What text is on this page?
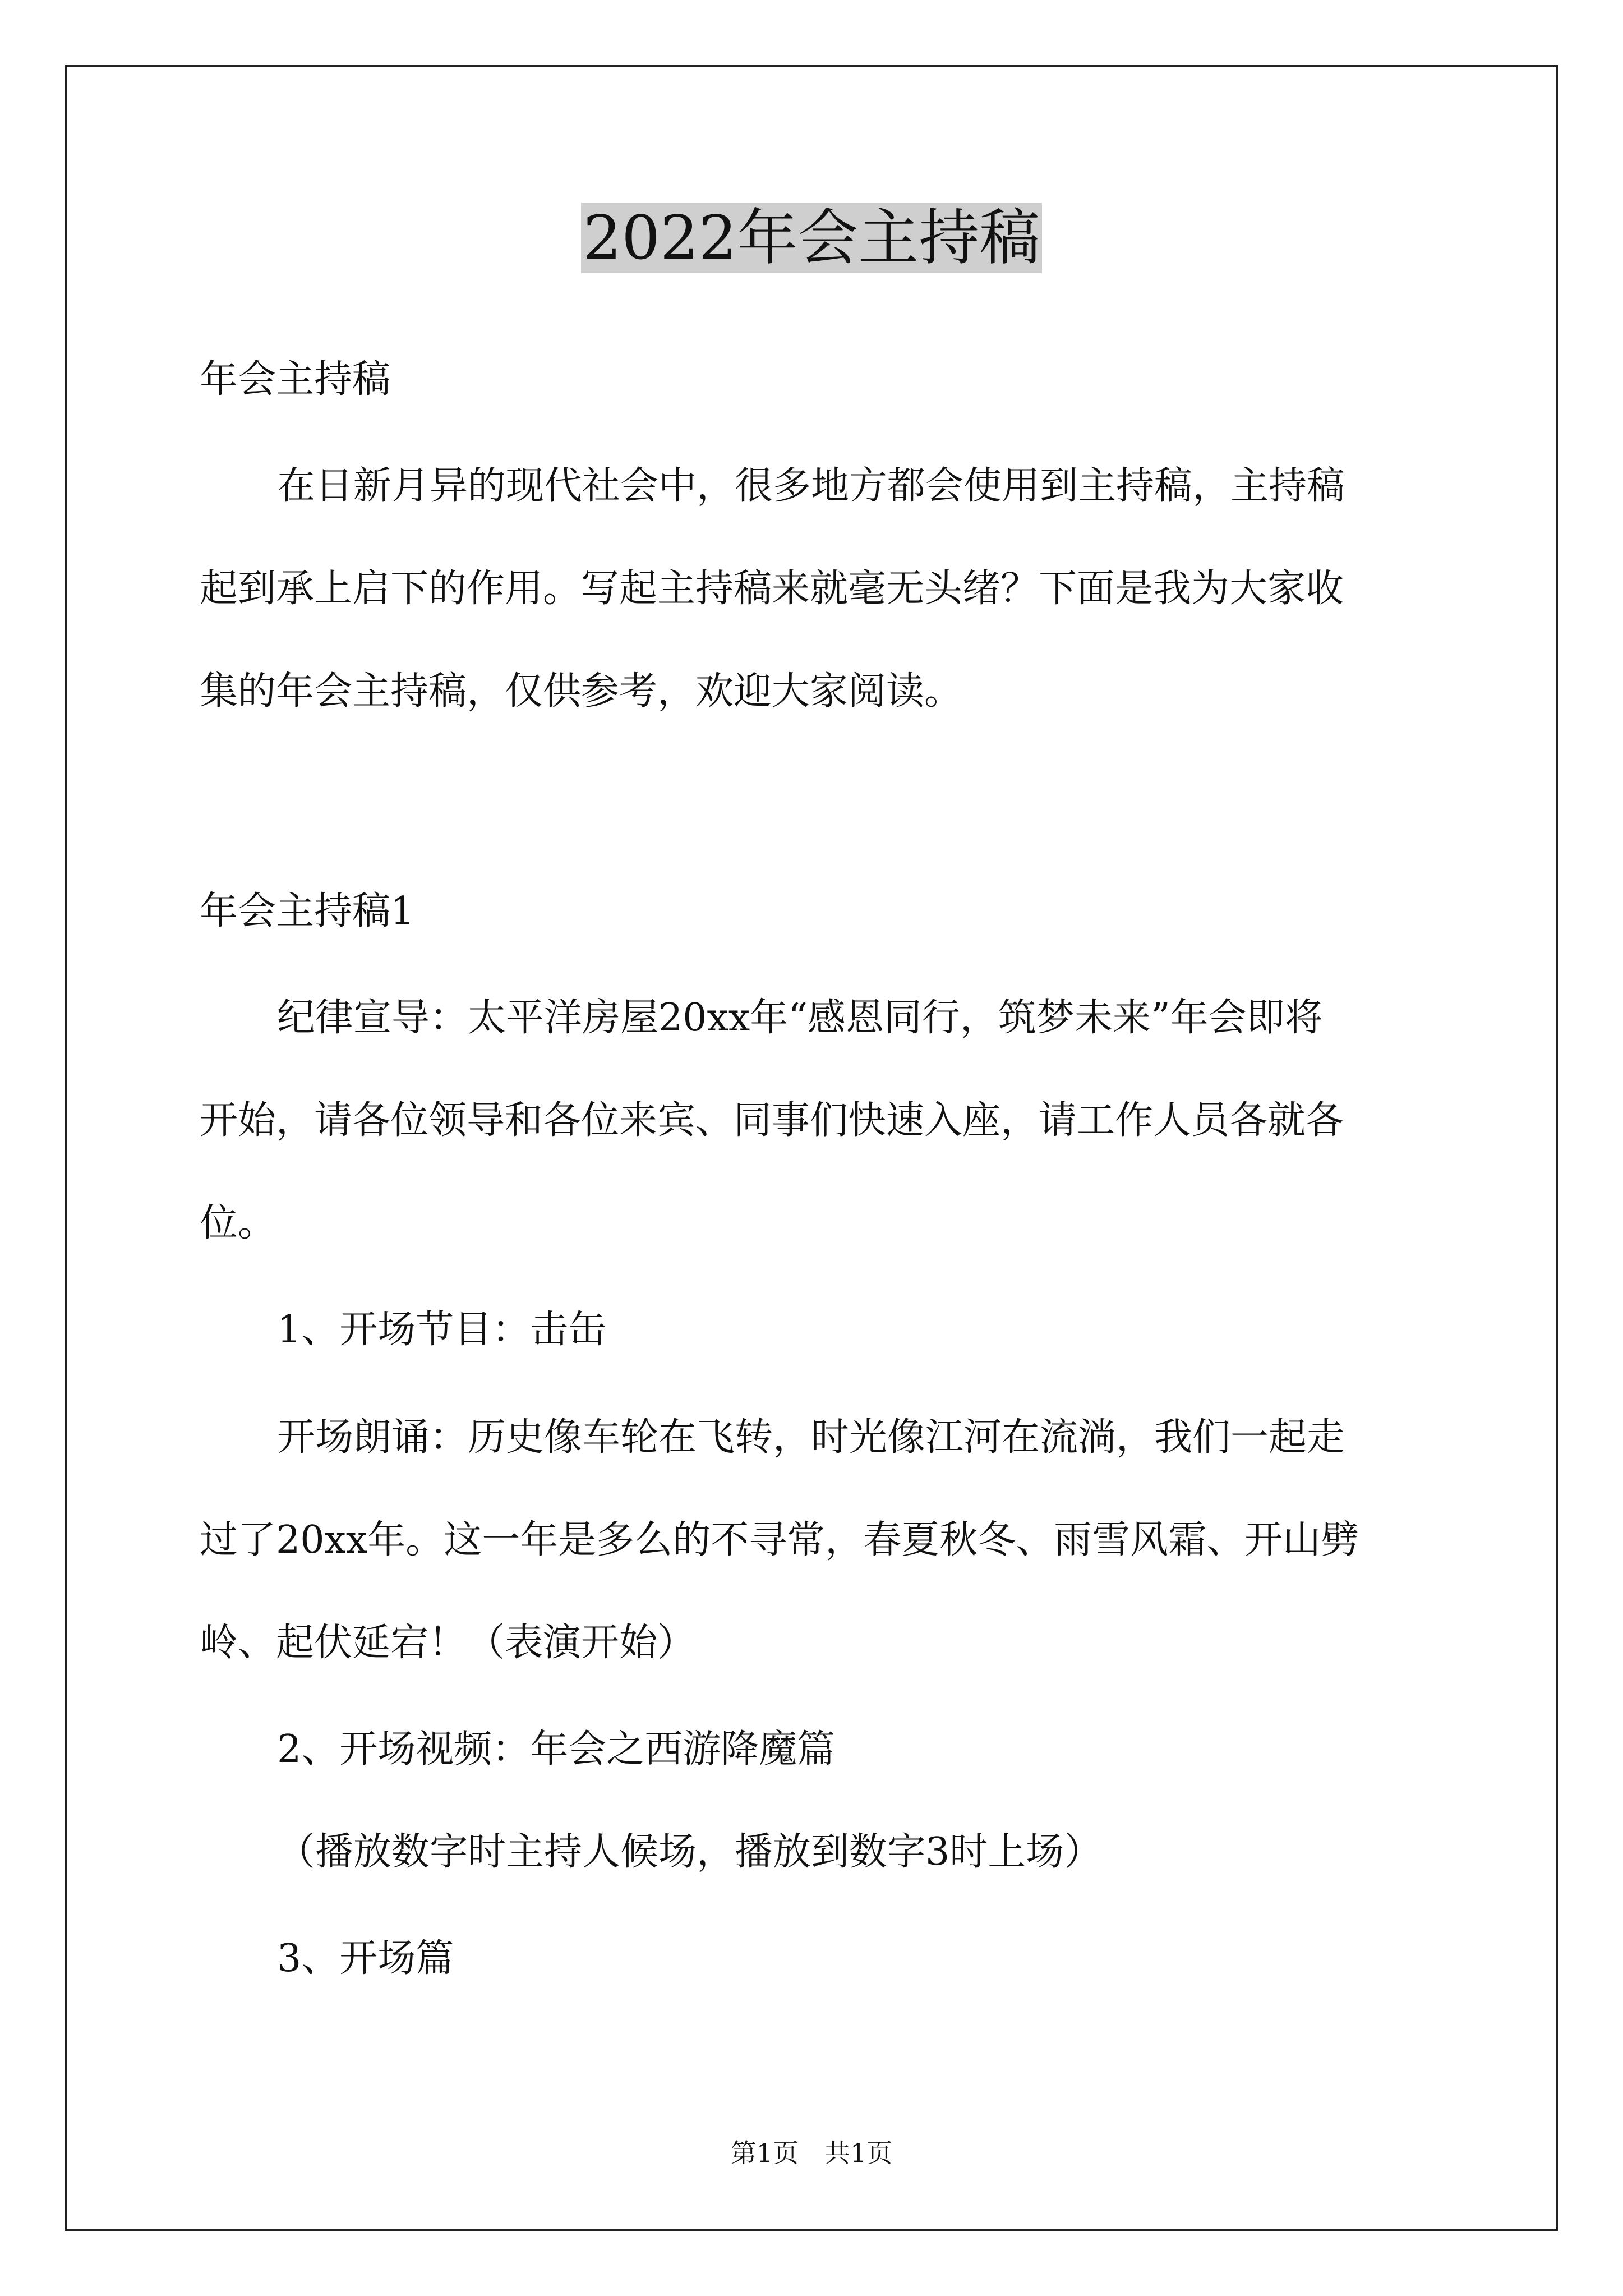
2022年会主持稿
年会主持稿
在日新月异的现代社会中，很多地方都会使用到主持稿，主持稿
起到承上启下的作用。写起主持稿来就毫无头绪？下面是我为大家收
集的年会主持稿，仅供参考，欢迎大家阅读。
年会主持稿1
纪律宣导：太平洋房屋20xx年“感恩同行，筑梦未来”年会即将
开始，请各位领导和各位来宾、同事们快速入座，请工作人员各就各
位。
1、开场节目：击缶
开场朗诵：历史像车轮在飞转，时光像江河在流淌，我们一起走
过了20xx年。这一年是多么的不寻常，春夏秋冬、雨雪风霜、开山劈
岭、起伏延宕！（表演开始）
2、开场视频：年会之西游降魔篇
（播放数字时主持人候场，播放到数字3时上场）
3、开场篇
第1页　共1页
